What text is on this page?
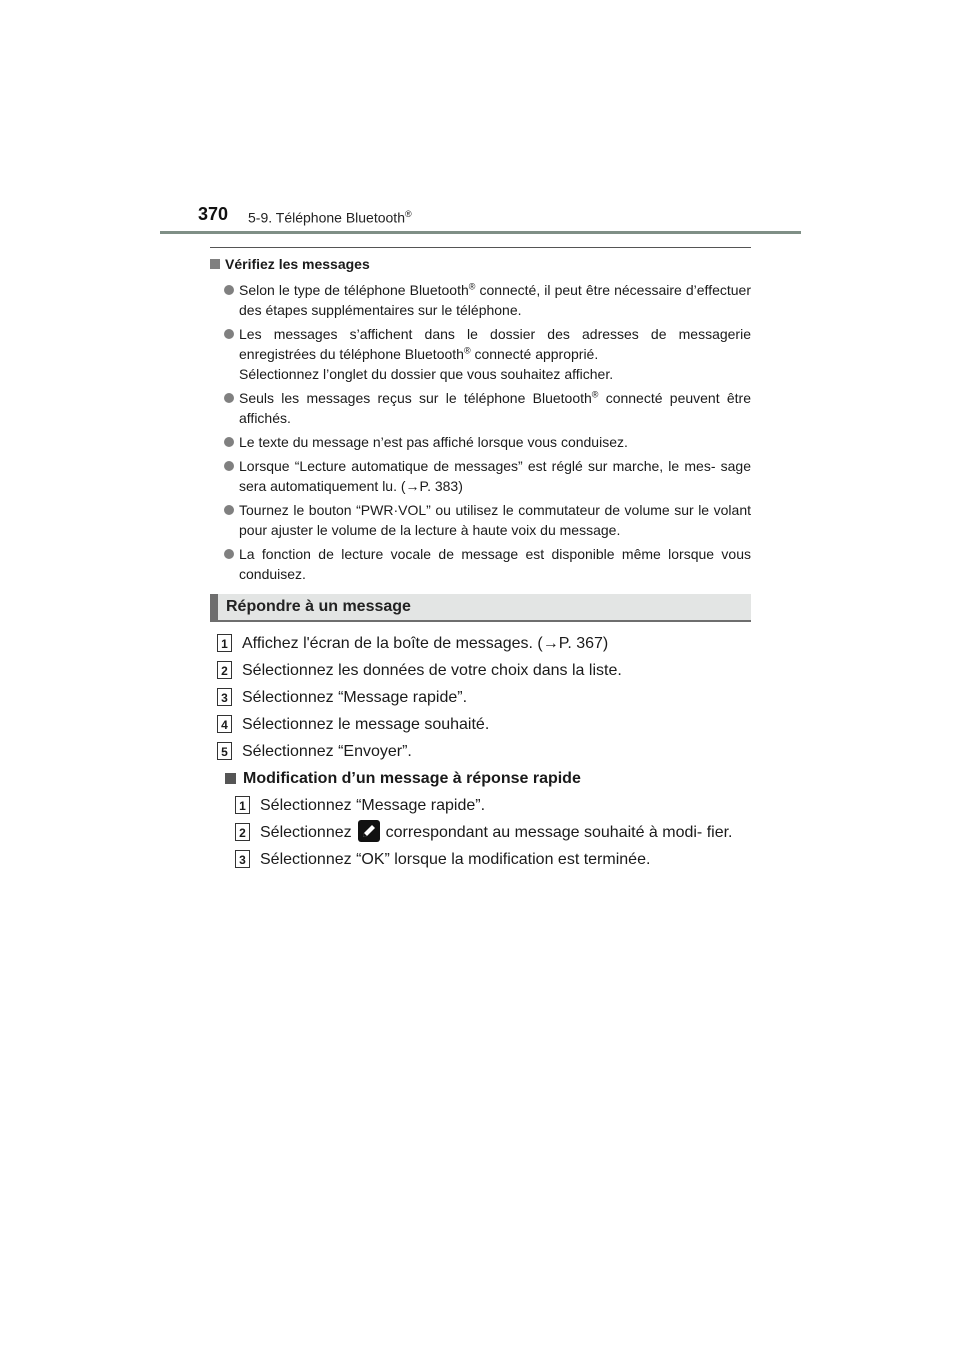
370 5-9. Téléphone Bluetooth®
Vérifiez les messages
Selon le type de téléphone Bluetooth® connecté, il peut être nécessaire d’effectuer des étapes supplémentaires sur le téléphone.
Les messages s’affichent dans le dossier des adresses de messagerie enregistrées du téléphone Bluetooth® connecté approprié.
Sélectionnez l’onglet du dossier que vous souhaitez afficher.
Seuls les messages reçus sur le téléphone Bluetooth® connecté peuvent être affichés.
Le texte du message n’est pas affiché lorsque vous conduisez.
Lorsque “Lecture automatique de messages” est réglé sur marche, le mes- sage sera automatiquement lu. (→P. 383)
Tournez le bouton “PWR·VOL” ou utilisez le commutateur de volume sur le volant pour ajuster le volume de la lecture à haute voix du message.
La fonction de lecture vocale de message est disponible même lorsque vous conduisez.
Répondre à un message
1 Affichez l'écran de la boîte de messages. (→P. 367)
2 Sélectionnez les données de votre choix dans la liste.
3 Sélectionnez “Message rapide”.
4 Sélectionnez le message souhaité.
5 Sélectionnez “Envoyer”.
Modification d’un message à réponse rapide
1 Sélectionnez “Message rapide”.
2 Sélectionnez correspondant au message souhaité à modi- fier.
3 Sélectionnez “OK” lorsque la modification est terminée.
